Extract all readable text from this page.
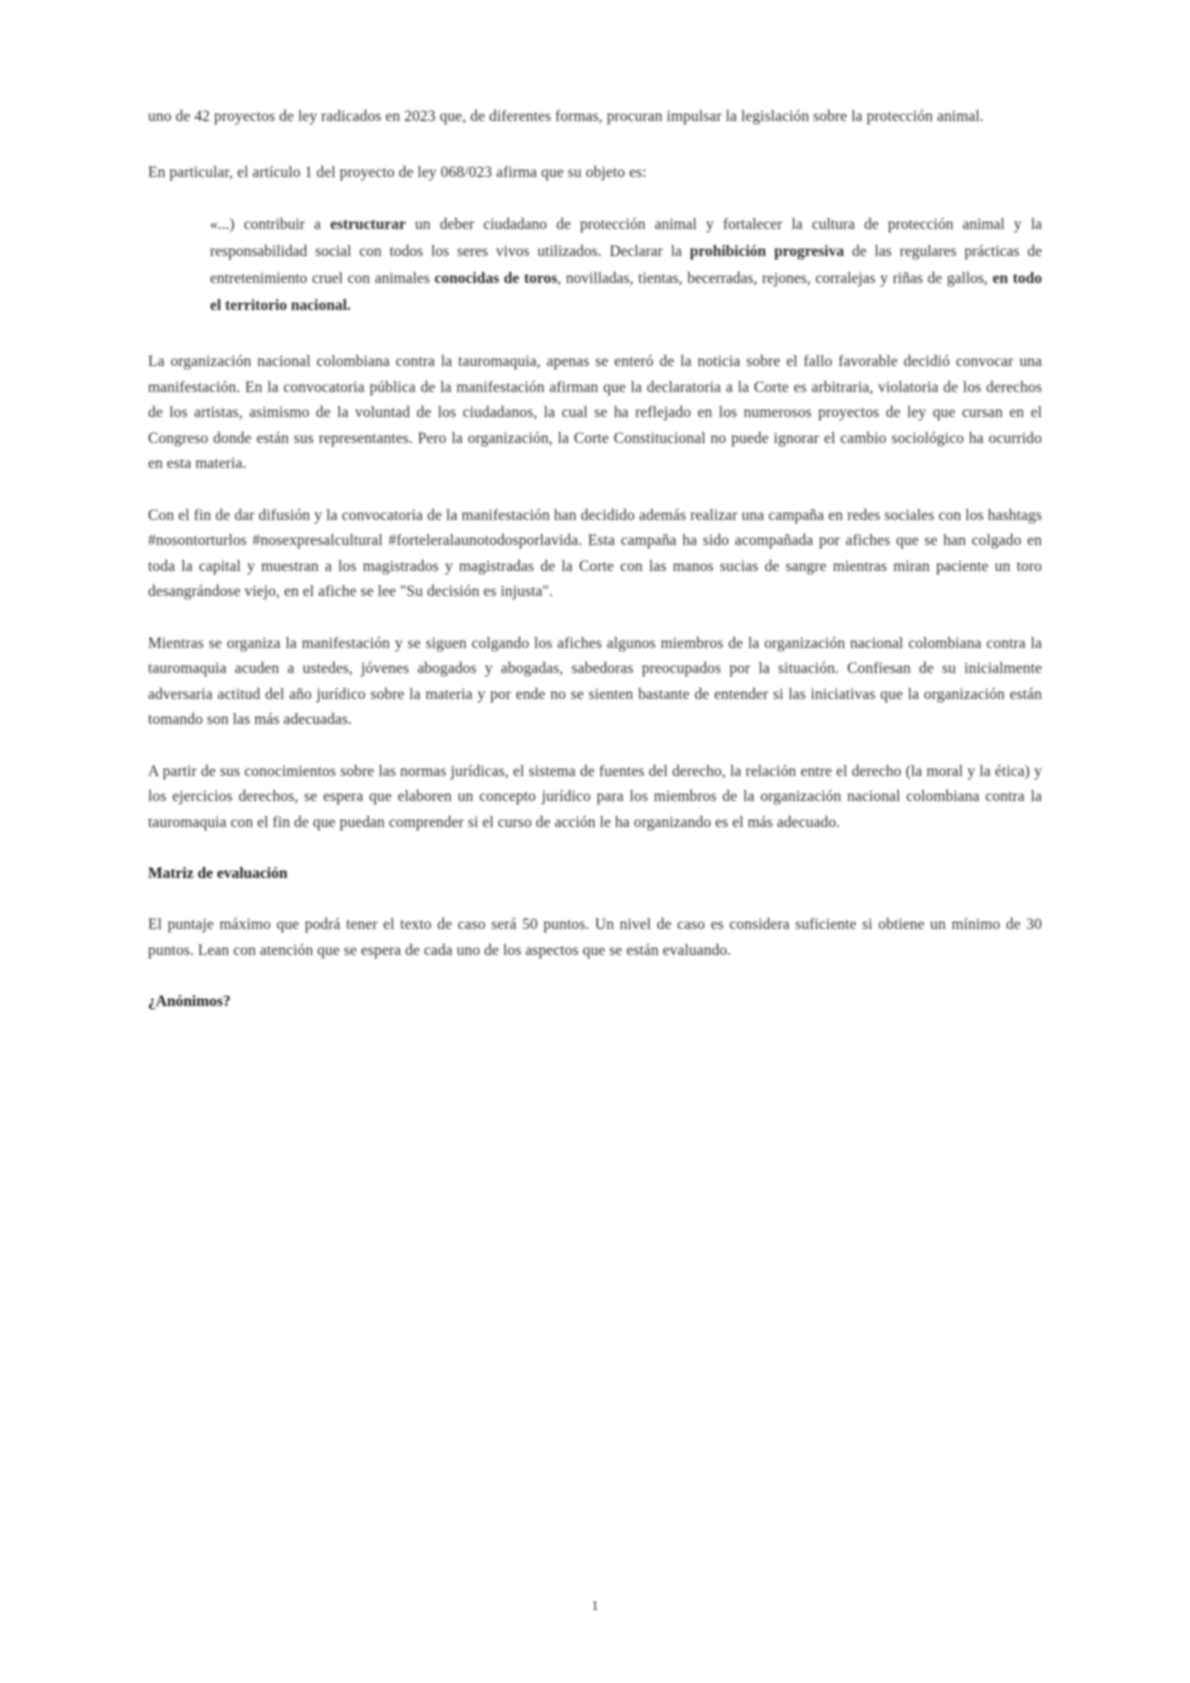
uno de 42 proyectos de ley radicados en 2023 que, de diferentes formas, procuran impulsar la legislación sobre la protección animal.

En particular, el artículo 1 del proyecto de ley 068/023 afirma que su objeto es:

«...) contribuir a estructurar un deber ciudadano de protección animal y fortalecer la cultura de protección animal y la responsabilidad social con todos los seres vivos utilizados. Declarar la prohibición progresiva de las regulares prácticas de entretenimiento cruel con animales conocidas de toros, novilladas, tientas, becerradas, rejones, corralejas y riñas de gallos, en todo el territorio nacional.

La organización nacional colombiana contra la tauromaquia, apenas se enteró de la noticia sobre el fallo favorable decidió convocar una manifestación. En la convocatoria pública de la manifestación afirman que la declaratoria a la Corte es arbitraria, violatoria de los derechos de los artistas, asimismo de la voluntad de los ciudadanos, la cual se ha reflejado en los numerosos proyectos de ley que cursan en el Congreso donde están sus representantes. Pero la organización, la Corte Constitucional no puede ignorar el cambio sociológico ha ocurrido en esta materia.

Con el fin de dar difusión y la convocatoria de la manifestación han decidido además realizar una campaña en redes sociales con los hashtags #nosontorturlos #nosexpresalcultural #forteleralaunotodosporlavida. Esta campaña ha sido acompañada por afiches que se han colgado en toda la capital y muestran a los magistrados y magistradas de la Corte con las manos sucias de sangre mientras miran paciente un toro desangrándose viejo, en el afiche se lee "Su decisión es injusta".

Mientras se organiza la manifestación y se siguen colgando los afiches algunos miembros de la organización nacional colombiana contra la tauromaquia acuden a ustedes, jóvenes abogados y abogadas, sabedoras preocupados por la situación. Confiesan de su inicialmente adversaria actitud del año jurídico sobre la materia y por ende no se sienten bastante de entender si las iniciativas que la organización están tomando son las más adecuadas.

A partir de sus conocimientos sobre las normas jurídicas, el sistema de fuentes del derecho, la relación entre el derecho (la moral y la ética) y los ejercicios derechos, se espera que elaboren un concepto jurídico para los miembros de la organización nacional colombiana contra la tauromaquia con el fin de que puedan comprender si el curso de acción le ha organizando es el más adecuado.

Matriz de evaluación

El puntaje máximo que podrá tener el texto de caso será 50 puntos. Un nivel de caso es considera suficiente si obtiene un mínimo de 30 puntos. Lean con atención que se espera de cada uno de los aspectos que se están evaluando.

¿Anónimos?

1
